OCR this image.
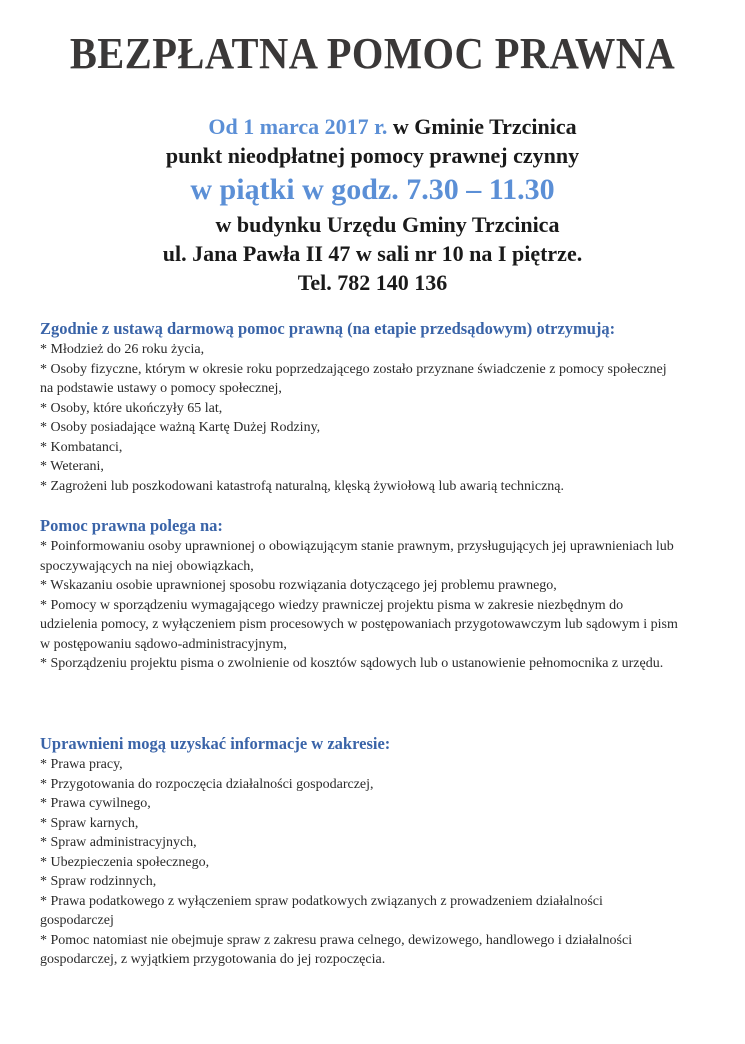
BEZPŁATNA POMOC PRAWNA
Od 1 marca 2017 r. w Gminie Trzcinica
punkt nieodpłatnej pomocy prawnej czynny
w piątki w godz. 7.30 – 11.30
w budynku Urzędu Gminy Trzcinica
ul. Jana Pawła II 47 w sali nr 10 na I piętrze.
Tel. 782 140 136
Zgodnie z ustawą darmową pomoc prawną (na etapie przedsądowym) otrzymują:
* Młodzież do 26 roku życia,
* Osoby fizyczne, którym w okresie roku poprzedzającego zostało przyznane świadczenie z pomocy społecznej na podstawie ustawy o pomocy społecznej,
* Osoby, które ukończyły 65 lat,
* Osoby posiadające ważną Kartę Dużej Rodziny,
* Kombatanci,
* Weterani,
* Zagrożeni lub poszkodowani katastrofą naturalną, klęską żywiołową lub awarią techniczną.
Pomoc prawna polega na:
* Poinformowaniu osoby uprawnionej o obowiązującym stanie prawnym, przysługujących jej uprawnieniach lub spoczywających na niej obowiązkach,
* Wskazaniu osobie uprawnionej sposobu rozwiązania dotyczącego jej problemu prawnego,
* Pomocy w sporządzeniu wymagającego wiedzy prawniczej projektu pisma w zakresie niezbędnym do udzielenia pomocy, z wyłączeniem pism procesowych w postępowaniach przygotowawczym lub sądowym i pism w postępowaniu sądowo-administracyjnym,
* Sporządzeniu projektu pisma o zwolnienie od kosztów sądowych lub o ustanowienie pełnomocnika z urzędu.
Uprawnieni mogą uzyskać informacje w zakresie:
* Prawa pracy,
* Przygotowania do rozpoczęcia działalności gospodarczej,
* Prawa cywilnego,
* Spraw karnych,
* Spraw administracyjnych,
* Ubezpieczenia społecznego,
* Spraw rodzinnych,
* Prawa podatkowego z wyłączeniem spraw podatkowych związanych z prowadzeniem działalności gospodarczej
* Pomoc natomiast nie obejmuje spraw z zakresu prawa celnego, dewizowego, handlowego i działalności gospodarczej, z wyjątkiem przygotowania do jej rozpoczęcia.
